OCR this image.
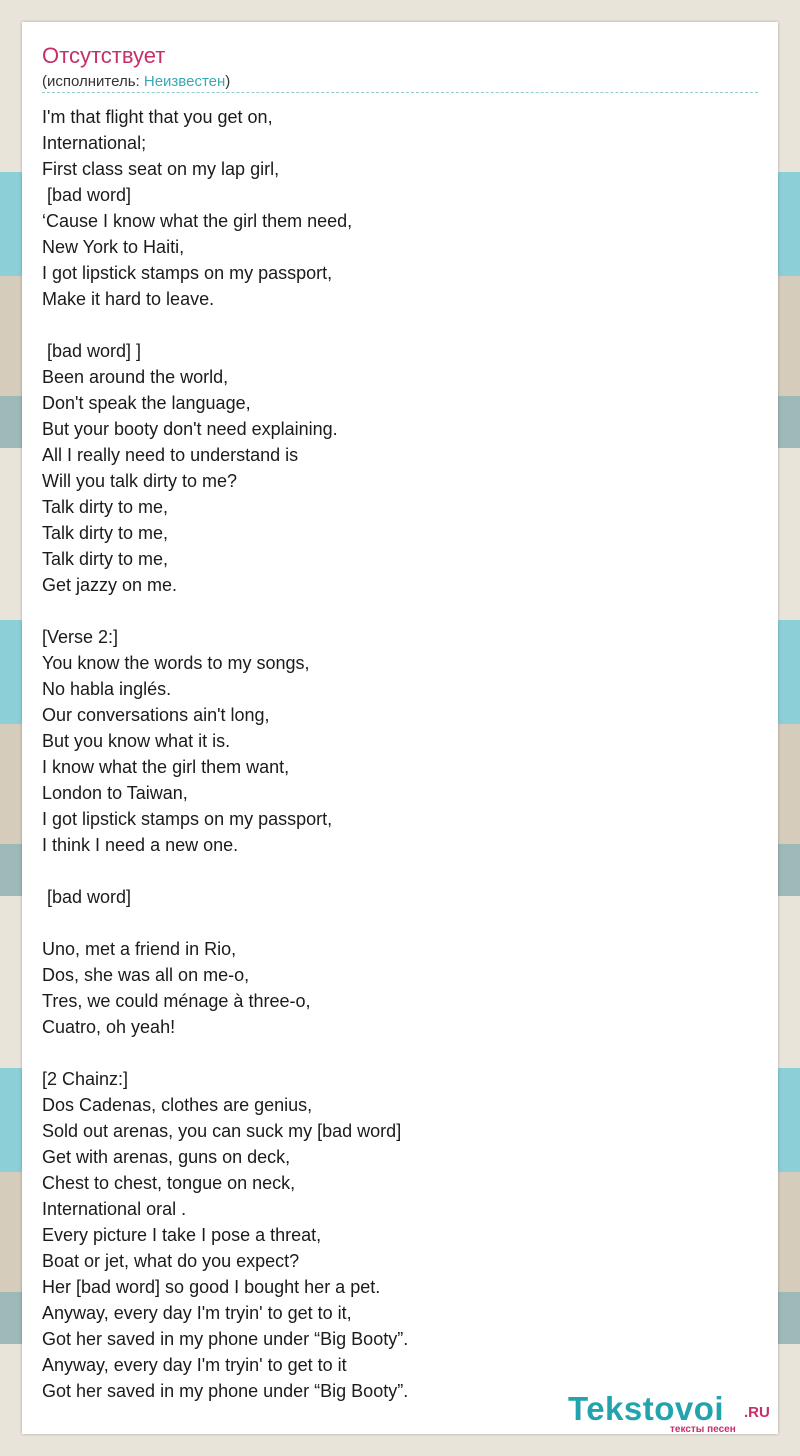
Отсутствует
(исполнитель: Неизвестен)
I'm that flight that you get on,
International;
First class seat on my lap girl,
[bad word]
‘Cause I know what the girl them need,
New York to Haiti,
I got lipstick stamps on my passport,
Make it hard to leave.
[bad word] ]
Been around the world,
Don't speak the language,
But your booty don't need explaining.
All I really need to understand is
Will you talk dirty to me?
Talk dirty to me,
Talk dirty to me,
Talk dirty to me,
Get jazzy on me.
[Verse 2:]
You know the words to my songs,
No habla inglés.
Our conversations ain't long,
But you know what it is.
I know what the girl them want,
London to Taiwan,
I got lipstick stamps on my passport,
I think I need a new one.
[bad word]
Uno, met a friend in Rio,
Dos, she was all on me-o,
Tres, we could ménage à three-o,
Cuatro, oh yeah!
[2 Chainz:]
Dos Cadenas, clothes are genius,
Sold out arenas, you can suck my [bad word]
Get with arenas, guns on deck,
Chest to chest, tongue on neck,
International oral .
Every picture I take I pose a threat,
Boat or jet, what do you expect?
Her [bad word] so good I bought her a pet.
Anyway, every day I'm tryin' to get to it,
Got her saved in my phone under “Big Booty”.
Anyway, every day I'm tryin' to get to it
Got her saved in my phone under “Big Booty”.	Tekstovoi .RU
тексты песен
